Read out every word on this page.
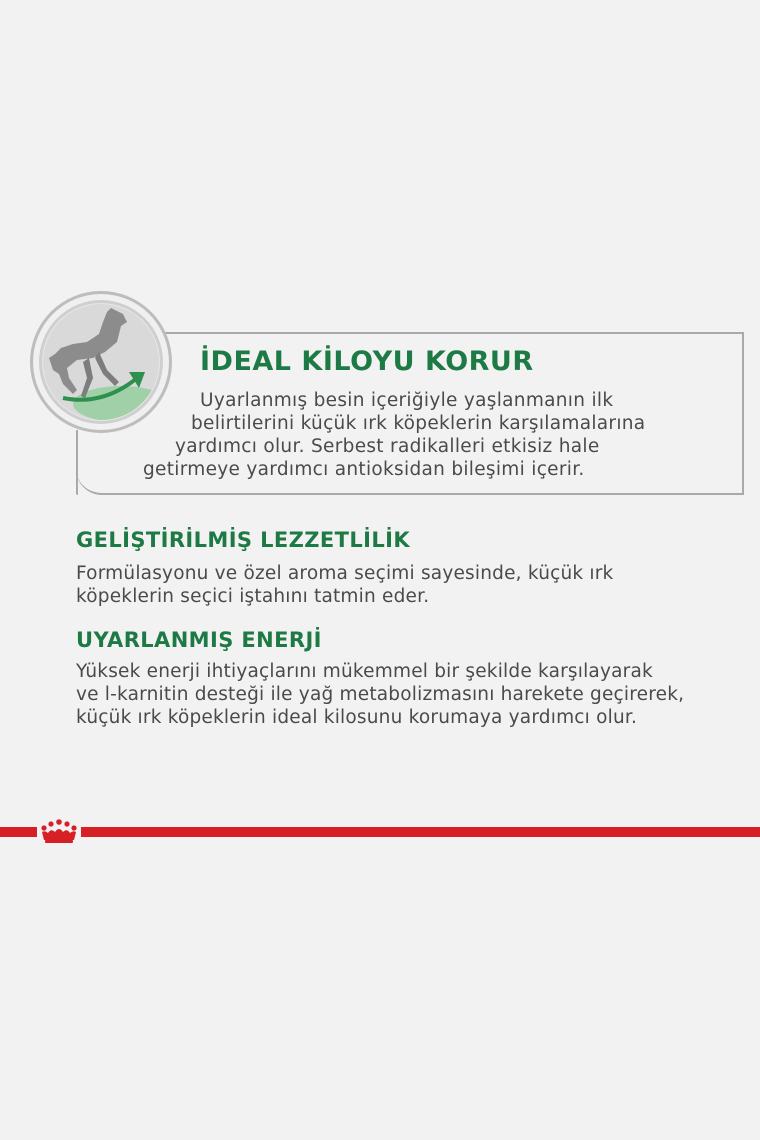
İDEAL KİLOYU KORUR

Uyarlanmış besin içeriğiyle yaşlanmanın ilk

belirtilerini küçük ırk köpeklerin karşılamalarına

yardımcı olur. Serbest radikalleri etkisiz hale

getirmeye yardımcı antioksidan bileşimi içerir.

GELİŞTİRİLMİŞ LEZZETLİLİK

Formülasyonu ve özel aroma seçimi sayesinde, küçük ırk

köpeklerin seçici iştahını tatmin eder.

UYARLANMIŞ ENERJİ

Yüksek enerji ihtiyaçlarını mükemmel bir şekilde karşılayarak

ve l-karnitin desteği ile yağ metabolizmasını harekete geçirerek,

küçük ırk köpeklerin ideal kilosunu korumaya yardımcı olur.
